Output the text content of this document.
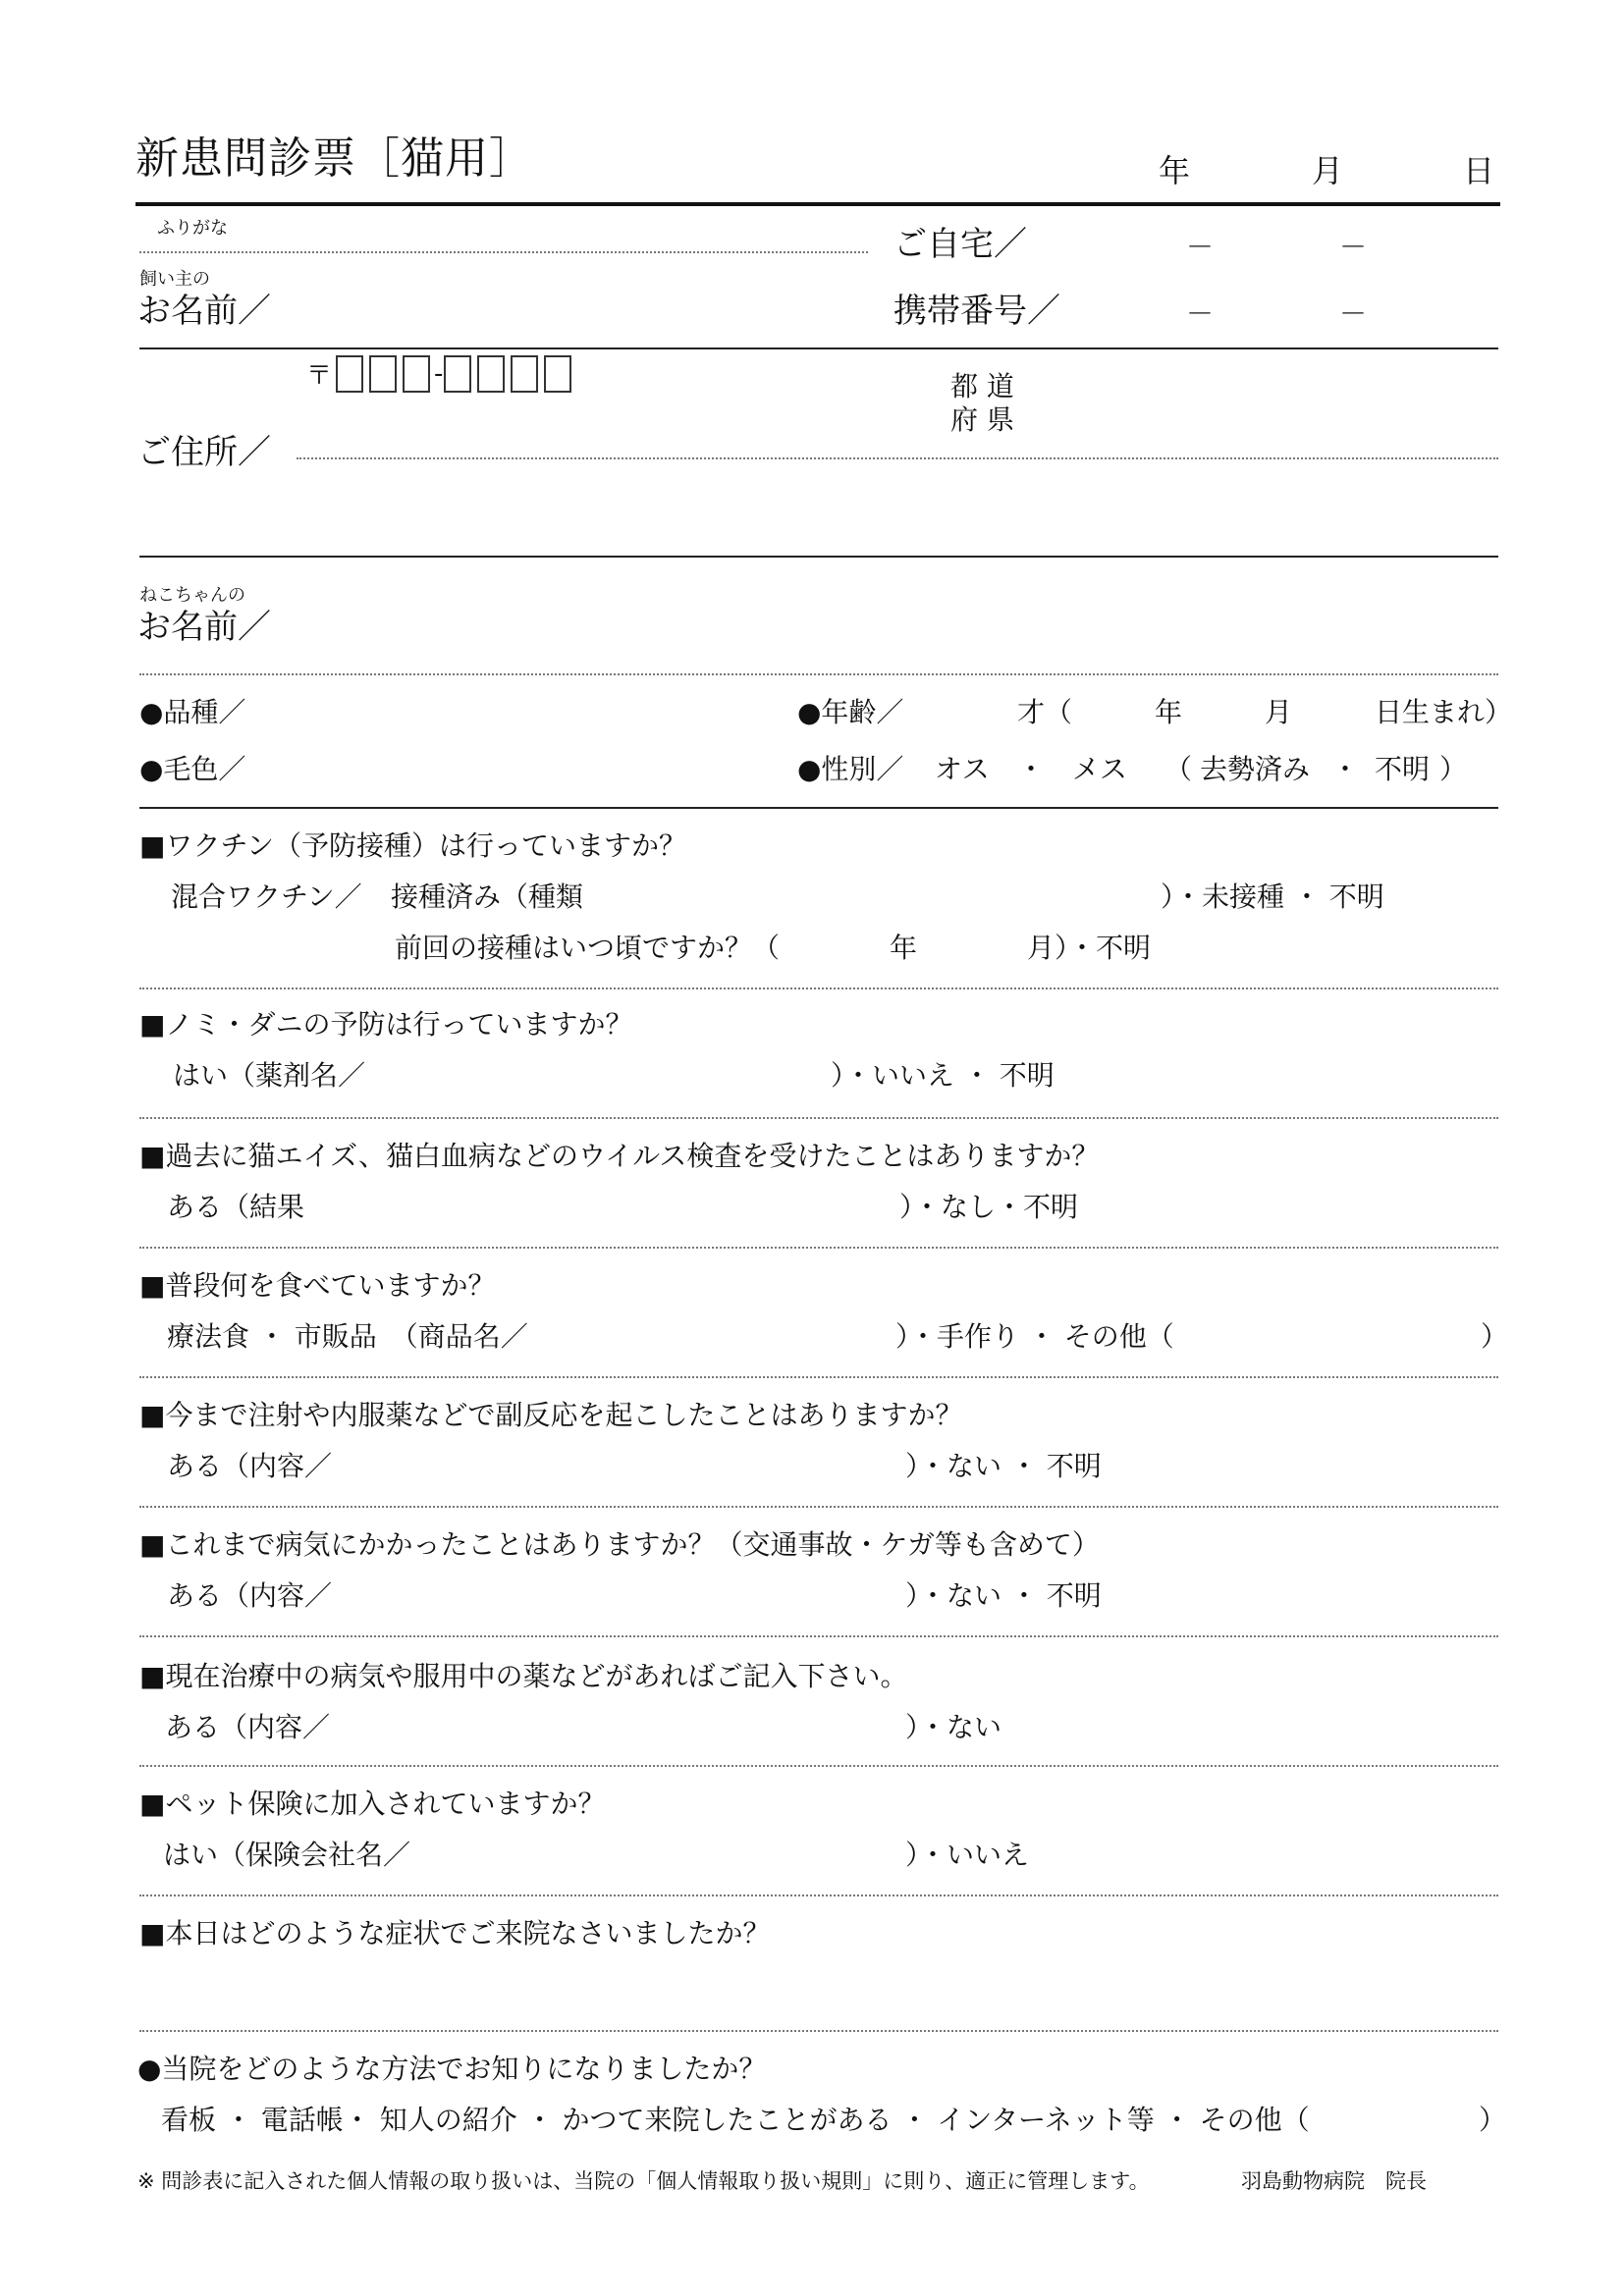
新患問診票［猫用］	年	月	日
ふりがな
飼い主の
お名前／
ご自宅／	－	－
携帯番号／	－	－
〒	-	都 道
府 県
ご住所／
ねこちゃんの
お名前／
●品種／	●年齢／	才（	年	月	日生まれ）
●毛色／	●性別／ オス ・ メス （ 去勢済み ・ 不明 ）
■ワクチン（予防接種）は行っていますか？
混合ワクチン／ 接種済み（種類	）・未接種 ・ 不明
前回の接種はいつ頃ですか？（	年	月）・不明
■ノミ・ダニの予防は行っていますか？
はい（薬剤名／	）・いいえ ・ 不明
■過去に猫エイズ、猫白血病などのウイルス検査を受けたことはありますか？
ある（結果	）・なし・不明
■普段何を食べていますか？
療法食 ・ 市販品　（商品名／	）・手作り ・ その他（	）
■今まで注射や内服薬などで副反応を起こしたことはありますか？
ある（内容／	）・ない ・ 不明
■これまで病気にかかったことはありますか？（交通事故・ケガ等も含めて）
ある（内容／	）・ない ・ 不明
■現在治療中の病気や服用中の薬などがあればご記入下さい。
ある（内容／	）・ない
■ペット保険に加入されていますか？
はい（保険会社名／	）・いいえ
■本日はどのような症状でご来院なさいましたか？
●当院をどのような方法でお知りになりましたか？
看板 ・ 電話帳・ 知人の紹介 ・ かつて来院したことがある ・ インターネット等 ・ その他（	）
※ 問診表に記入された個人情報の取り扱いは、当院の「個人情報取り扱い規則」に則り、適正に管理します。	羽島動物病院　院長
